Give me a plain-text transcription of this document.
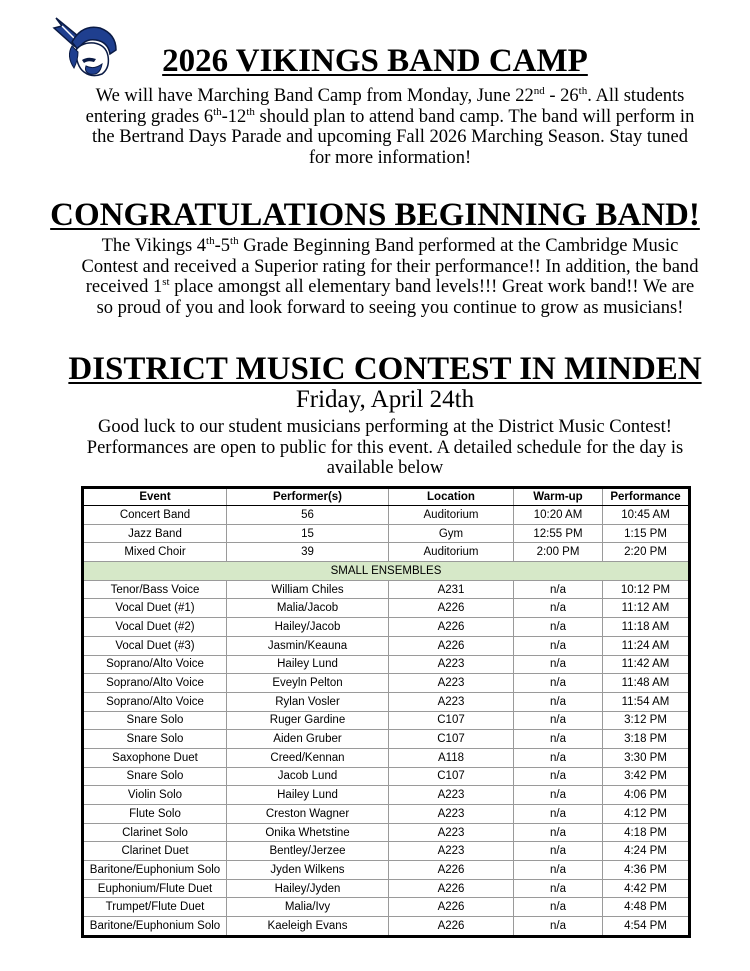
2026 VIKINGS BAND CAMP
We will have Marching Band Camp from Monday, June 22nd - 26th. All students entering grades 6th-12th should plan to attend band camp. The band will perform in the Bertrand Days Parade and upcoming Fall 2026 Marching Season. Stay tuned for more information!
CONGRATULATIONS BEGINNING BAND!
The Vikings 4th-5th Grade Beginning Band performed at the Cambridge Music Contest and received a Superior rating for their performance!! In addition, the band received 1st place amongst all elementary band levels!!! Great work band!! We are so proud of you and look forward to seeing you continue to grow as musicians!
DISTRICT MUSIC CONTEST IN MINDEN
Friday, April 24th
Good luck to our student musicians performing at the District Music Contest! Performances are open to public for this event. A detailed schedule for the day is available below
Event	Performer(s)	Location	Warm-up	Performance
Concert Band	56	Auditorium	10:20 AM	10:45 AM
Jazz Band	15	Gym	12:55 PM	1:15 PM
Mixed Choir	39	Auditorium	2:00 PM	2:20 PM
SMALL ENSEMBLES				
Tenor/Bass Voice	William Chiles	A231	n/a	10:12 PM
Vocal Duet (#1)	Malia/Jacob	A226	n/a	11:12 AM
Vocal Duet (#2)	Hailey/Jacob	A226	n/a	11:18 AM
Vocal Duet (#3)	Jasmin/Keauna	A226	n/a	11:24 AM
Soprano/Alto Voice	Hailey Lund	A223	n/a	11:42 AM
Soprano/Alto Voice	Eveyln Pelton	A223	n/a	11:48 AM
Soprano/Alto Voice	Rylan Vosler	A223	n/a	11:54 AM
Snare Solo	Ruger Gardine	C107	n/a	3:12 PM
Snare Solo	Aiden Gruber	C107	n/a	3:18 PM
Saxophone Duet	Creed/Kennan	A118	n/a	3:30 PM
Snare Solo	Jacob Lund	C107	n/a	3:42 PM
Violin Solo	Hailey Lund	A223	n/a	4:06 PM
Flute Solo	Creston Wagner	A223	n/a	4:12 PM
Clarinet Solo	Onika Whetstine	A223	n/a	4:18 PM
Clarinet Duet	Bentley/Jerzee	A223	n/a	4:24 PM
Baritone/Euphonium Solo	Jyden Wilkens	A226	n/a	4:36 PM
Euphonium/Flute Duet	Hailey/Jyden	A226	n/a	4:42 PM
Trumpet/Flute Duet	Malia/Ivy	A226	n/a	4:48 PM
Baritone/Euphonium Solo	Kaeleigh Evans	A226	n/a	4:54 PM
